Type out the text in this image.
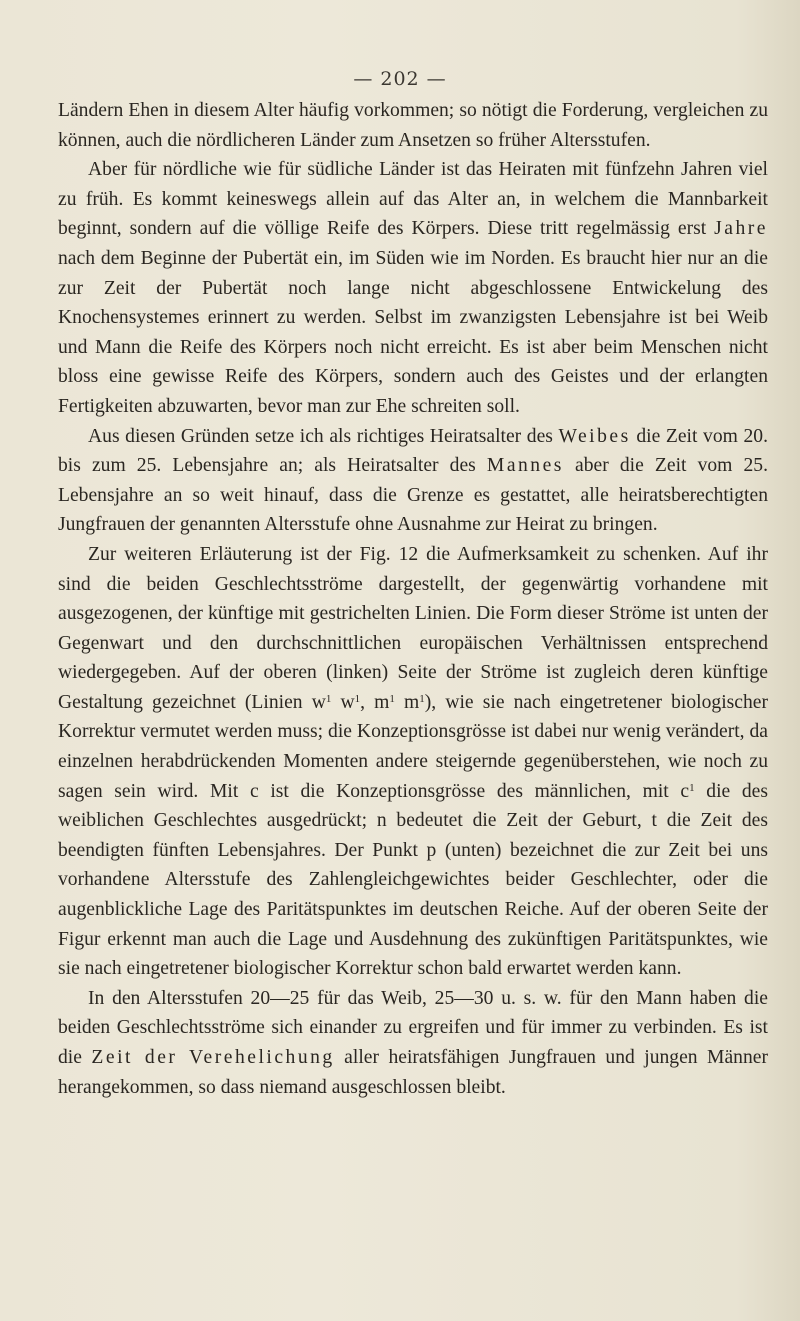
— 202 —

Ländern Ehen in diesem Alter häufig vorkommen; so nötigt die Forderung, vergleichen zu können, auch die nördlicheren Länder zum Ansetzen so früher Altersstufen.

Aber für nördliche wie für südliche Länder ist das Heiraten mit fünfzehn Jahren viel zu früh. Es kommt keineswegs allein auf das Alter an, in welchem die Mannbarkeit beginnt, sondern auf die völlige Reife des Körpers. Diese tritt regelmässig erst Jahre nach dem Beginne der Pubertät ein, im Süden wie im Norden. Es braucht hier nur an die zur Zeit der Pubertät noch lange nicht abgeschlossene Entwickelung des Knochensystemes erinnert zu werden. Selbst im zwanzigsten Lebensjahre ist bei Weib und Mann die Reife des Körpers noch nicht erreicht. Es ist aber beim Menschen nicht bloss eine gewisse Reife des Körpers, sondern auch des Geistes und der erlangten Fertigkeiten abzuwarten, bevor man zur Ehe schreiten soll.

Aus diesen Gründen setze ich als richtiges Heiratsalter des Weibes die Zeit vom 20. bis zum 25. Lebensjahre an; als Heiratsalter des Mannes aber die Zeit vom 25. Lebensjahre an so weit hinauf, dass die Grenze es gestattet, alle heiratsberechtigten Jungfrauen der genannten Altersstufe ohne Ausnahme zur Heirat zu bringen.

Zur weiteren Erläuterung ist der Fig. 12 die Aufmerksamkeit zu schenken. Auf ihr sind die beiden Geschlechtsströme dargestellt, der gegenwärtig vorhandene mit ausgezogenen, der künftige mit gestrichelten Linien. Die Form dieser Ströme ist unten der Gegenwart und den durchschnittlichen europäischen Verhältnissen entsprechend wiedergegeben. Auf der oberen (linken) Seite der Ströme ist zugleich deren künftige Gestaltung gezeichnet (Linien $w^1$ $w^1$, $m^1$ $m^1$), wie sie nach eingetretener biologischer Korrektur vermutet werden muss; die Konzeptionsgrösse ist dabei nur wenig verändert, da einzelnen herabdrückenden Momenten andere steigernde gegenüberstehen, wie noch zu sagen sein wird. Mit c ist die Konzeptionsgrösse des männlichen, mit $c^1$ die des weiblichen Geschlechtes ausgedrückt; n bedeutet die Zeit der Geburt, t die Zeit des beendigten fünften Lebensjahres. Der Punkt p (unten) bezeichnet die zur Zeit bei uns vorhandene Altersstufe des Zahlengleichgewichtes beider Geschlechter, oder die augenblickliche Lage des Paritätspunktes im deutschen Reiche. Auf der oberen Seite der Figur erkennt man auch die Lage und Ausdehnung des zukünftigen Paritätspunktes, wie sie nach eingetretener biologischer Korrektur schon bald erwartet werden kann.

In den Altersstufen 20—25 für das Weib, 25—30 u. s. w. für den Mann haben die beiden Geschlechtsströme sich einander zu ergreifen und für immer zu verbinden. Es ist die Zeit der Verehelichung aller heiratsfähigen Jungfrauen und jungen Männer herangekommen, so dass niemand ausgeschlossen bleibt.
